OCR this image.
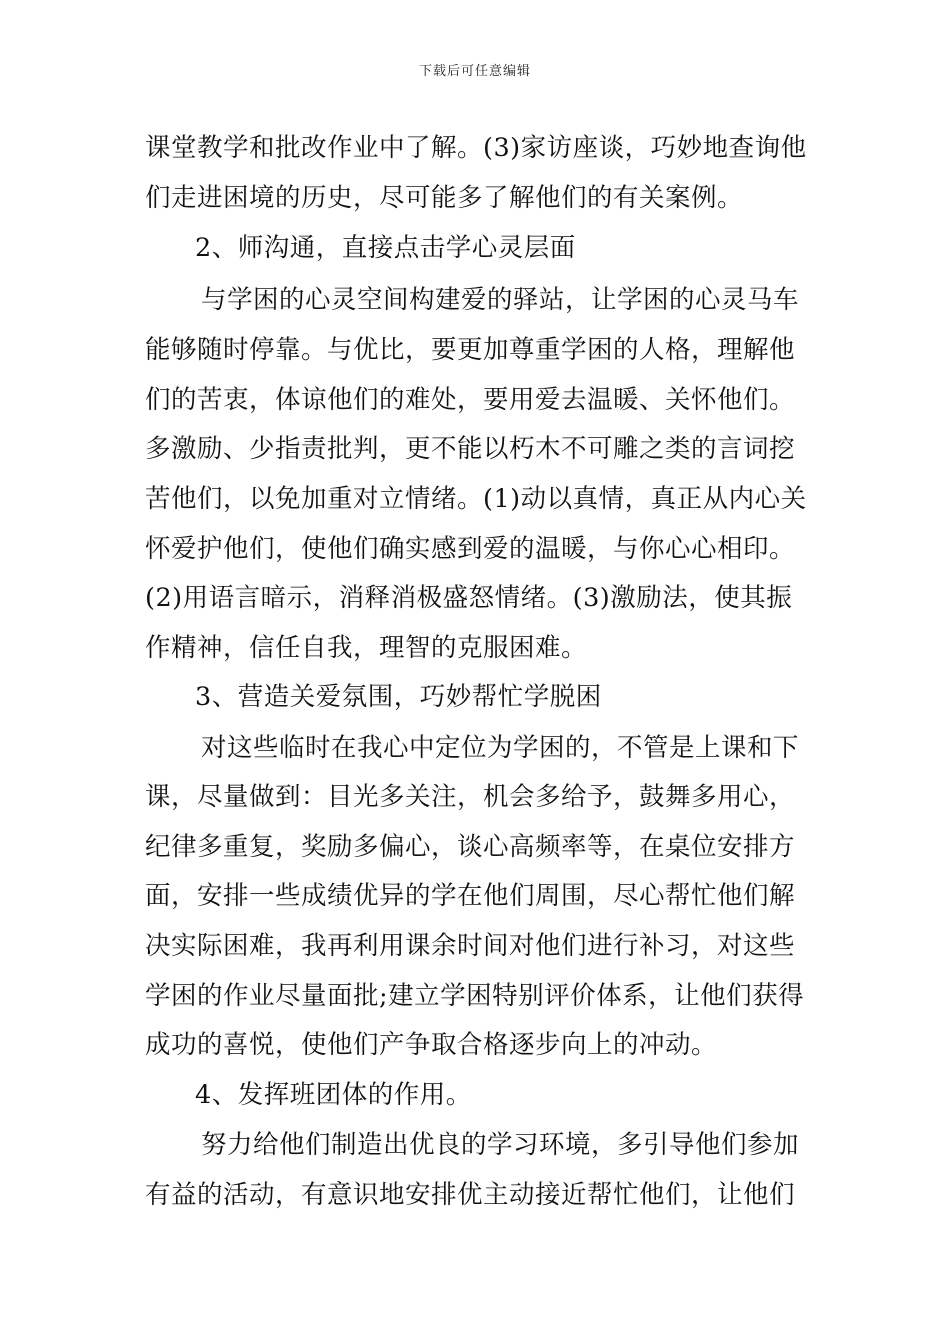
下载后可任意编辑
课堂教学和批改作业中了解。(3)家访座谈，巧妙地查询他
们走进困境的历史，尽可能多了解他们的有关案例。
2、师沟通，直接点击学心灵层面
与学困的心灵空间构建爱的驿站，让学困的心灵马车
能够随时停靠。与优比，要更加尊重学困的人格，理解他
们的苦衷，体谅他们的难处，要用爱去温暖、关怀他们。
多激励、少指责批判，更不能以朽木不可雕之类的言词挖
苦他们，以免加重对立情绪。(1)动以真情，真正从内心关
怀爱护他们，使他们确实感到爱的温暖，与你心心相印。
(2)用语言暗示，消释消极盛怒情绪。(3)激励法，使其振
作精神，信任自我，理智的克服困难。
3、营造关爱氛围，巧妙帮忙学脱困
对这些临时在我心中定位为学困的，不管是上课和下
课，尽量做到：目光多关注，机会多给予，鼓舞多用心，
纪律多重复，奖励多偏心，谈心高频率等，在桌位安排方
面，安排一些成绩优异的学在他们周围，尽心帮忙他们解
决实际困难，我再利用课余时间对他们进行补习，对这些
学困的作业尽量面批;建立学困特别评价体系，让他们获得
成功的喜悦，使他们产争取合格逐步向上的冲动。
4、发挥班团体的作用。
努力给他们制造出优良的学习环境，多引导他们参加
有益的活动，有意识地安排优主动接近帮忙他们，让他们
